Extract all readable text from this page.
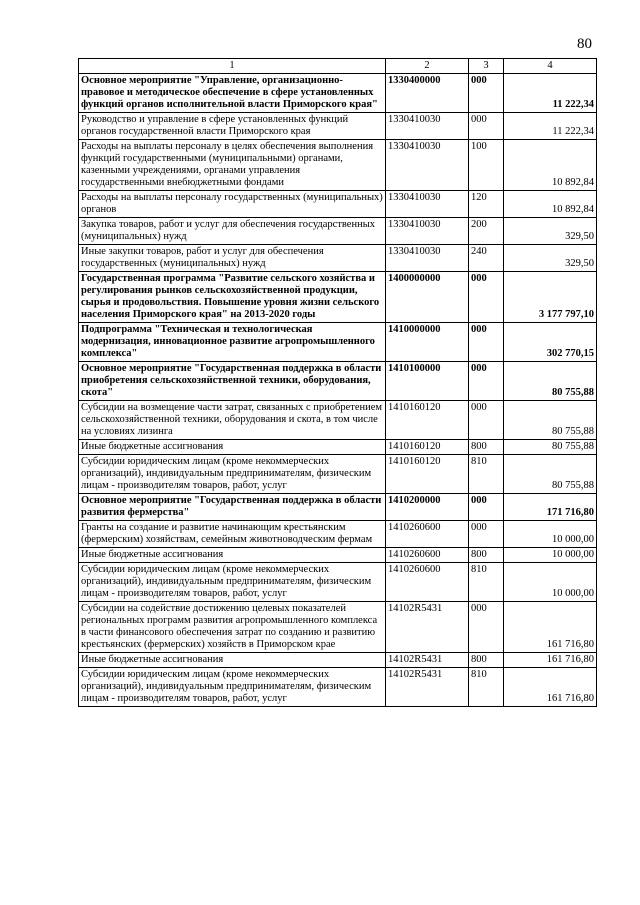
80
1	2	3	4
Основное мероприятие "Управление, организационно-правовое и методическое обеспечение в сфере установленных функций органов исполнительной власти Приморского края"	1330400000	000	11 222,34
Руководство и управление в сфере установленных функций органов государственной власти Приморского края	1330410030	000	11 222,34
Расходы на выплаты персоналу в целях обеспечения выполнения функций государственными (муниципальными) органами, казенными учреждениями, органами управления государственными внебюджетными фондами	1330410030	100	10 892,84
Расходы на выплаты персоналу государственных (муниципальных) органов	1330410030	120	10 892,84
Закупка товаров, работ и услуг для обеспечения государственных (муниципальных) нужд	1330410030	200	329,50
Иные закупки товаров, работ и услуг для обеспечения государственных (муниципальных) нужд	1330410030	240	329,50
Государственная программа "Развитие сельского хозяйства и регулирования рынков сельскохозяйственной продукции, сырья и продовольствия. Повышение уровня жизни сельского населения Приморского края" на 2013-2020 годы	1400000000	000	3 177 797,10
Подпрограмма "Техническая и технологическая модернизация, инновационное развитие агропромышленного комплекса"	1410000000	000	302 770,15
Основное мероприятие "Государственная поддержка в области приобретения сельскохозяйственной техники, оборудования, скота"	1410100000	000	80 755,88
Субсидии на возмещение части затрат, связанных с приобретением сельскохозяйственной техники, оборудования и скота, в том числе на условиях лизинга	1410160120	000	80 755,88
Иные бюджетные ассигнования	1410160120	800	80 755,88
Субсидии юридическим лицам (кроме некоммерческих организаций), индивидуальным предпринимателям, физическим лицам - производителям товаров, работ, услуг	1410160120	810	80 755,88
Основное мероприятие "Государственная поддержка в области развития фермерства"	1410200000	000	171 716,80
Гранты на создание и развитие начинающим крестьянским (фермерским) хозяйствам, семейным животноводческим фермам	1410260600	000	10 000,00
Иные бюджетные ассигнования	1410260600	800	10 000,00
Субсидии юридическим лицам (кроме некоммерческих организаций), индивидуальным предпринимателям, физическим лицам - производителям товаров, работ, услуг	1410260600	810	10 000,00
Субсидии на содействие достижению целевых показателей региональных программ развития агропромышленного комплекса в части финансового обеспечения затрат по созданию и развитию крестьянских (фермерских) хозяйств в Приморском крае	14102R5431	000	161 716,80
Иные бюджетные ассигнования	14102R5431	800	161 716,80
Субсидии юридическим лицам (кроме некоммерческих организаций), индивидуальным предпринимателям, физическим лицам - производителям товаров, работ, услуг	14102R5431	810	161 716,80
